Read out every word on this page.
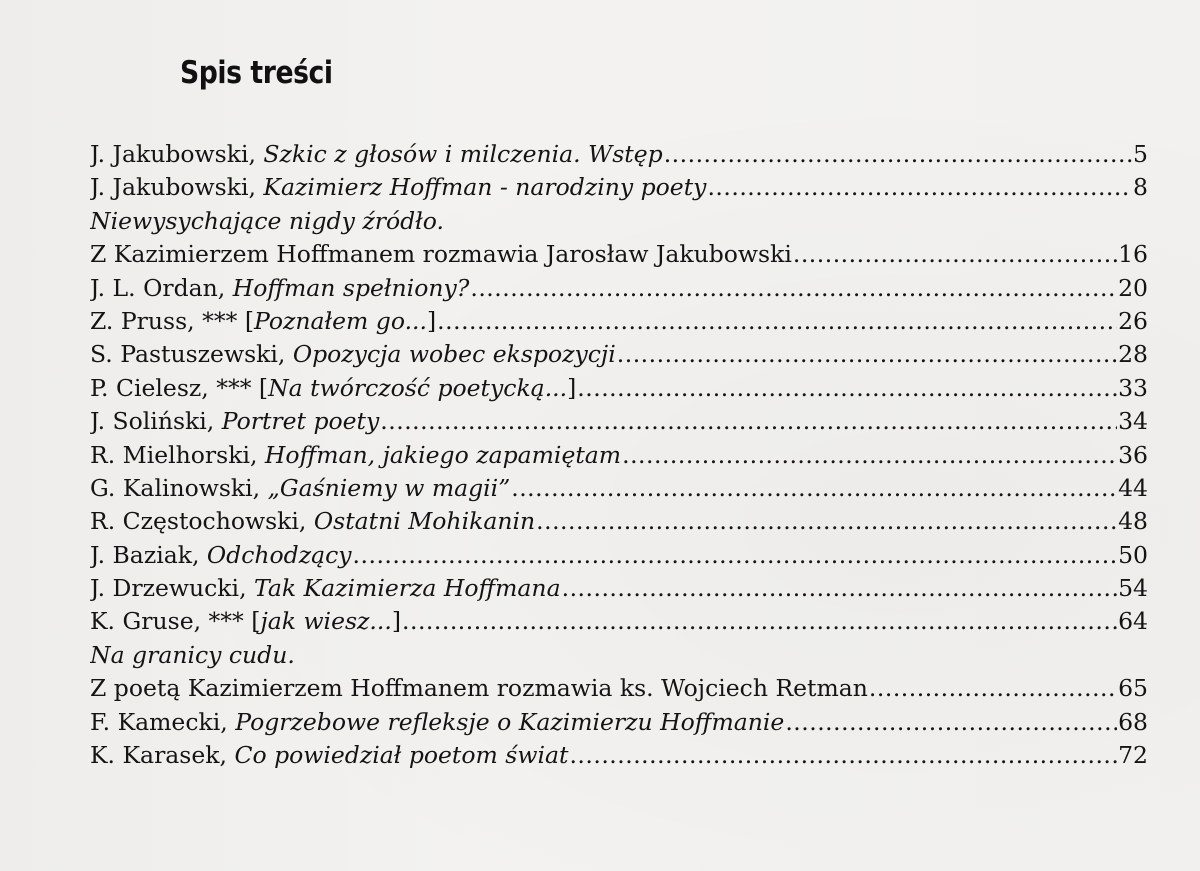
Spis treści
J. Jakubowski, Szkic z głosów i milczenia. Wstęp .....	5
J. Jakubowski, Kazimierz Hoffman - narodziny poety .....	8
Niewysychające nigdy źródło.
Z Kazimierzem Hoffmanem rozmawia Jarosław Jakubowski .....	16
J. L. Ordan, Hoffman spełniony? .....	20
Z. Pruss, *** [Poznałem go...] .....	26
S. Pastuszewski, Opozycja wobec ekspozycji .....	28
P. Cielesz, *** [Na twórczość poetycką...] .....	33
J. Soliński, Portret poety .....	34
R. Mielhorski, Hoffman, jakiego zapamiętam .....	36
G. Kalinowski, „Gaśniemy w magii” .....	44
R. Częstochowski, Ostatni Mohikanin .....	48
J. Baziak, Odchodzący .....	50
J. Drzewucki, Tak Kazimierza Hoffmana .....	54
K. Gruse, *** [jak wiesz...] .....	64
Na granicy cudu.
Z poetą Kazimierzem Hoffmanem rozmawia ks. Wojciech Retman .....	65
F. Kamecki, Pogrzebowe refleksje o Kazimierzu Hoffmanie .....	68
K. Karasek, Co powiedział poetom świat .....	72
